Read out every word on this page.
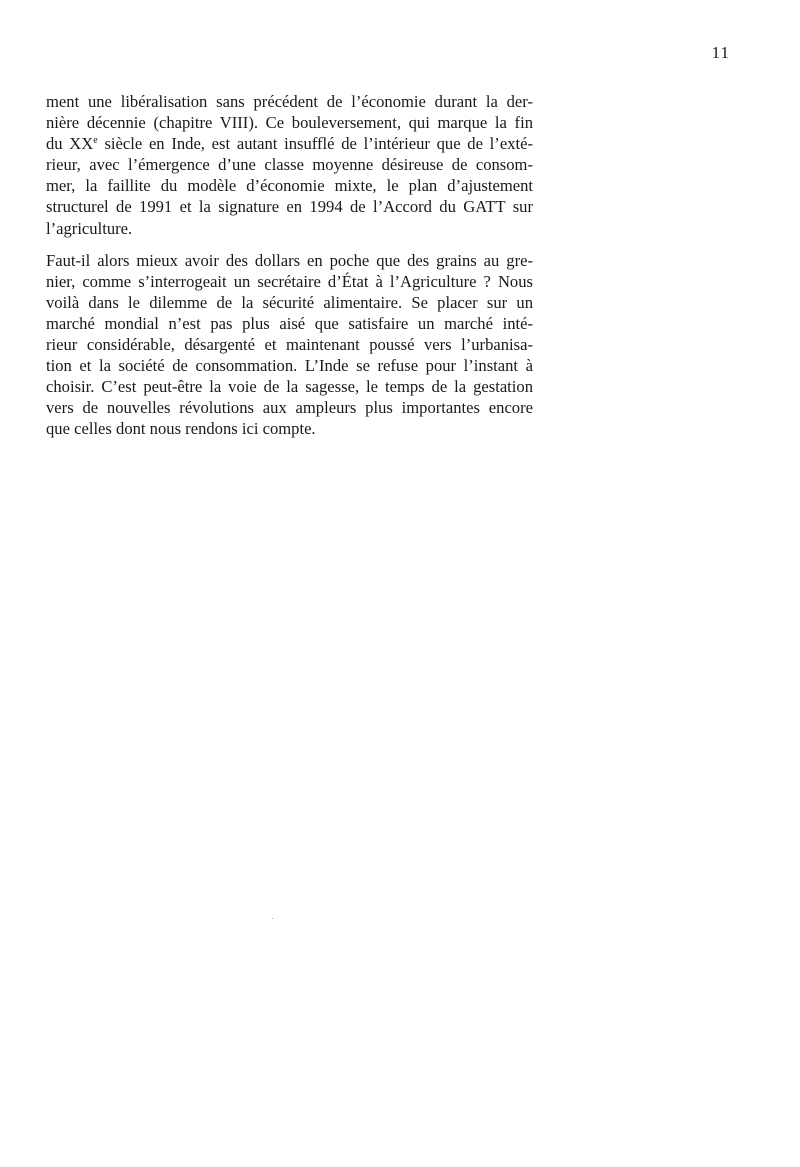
11
ment une libéralisation sans précédent de l’économie durant la der-
nière décennie (chapitre VIII). Ce bouleversement, qui marque la fin
du XXe siècle en Inde, est autant insufflé de l’intérieur que de l’exté-
rieur, avec l’émergence d’une classe moyenne désireuse de consom-
mer, la faillite du modèle d’économie mixte, le plan d’ajustement
structurel de 1991 et la signature en 1994 de l’Accord du GATT sur
l’agriculture.
Faut-il alors mieux avoir des dollars en poche que des grains au gre-
nier, comme s’interrogeait un secrétaire d’État à l’Agriculture ? Nous
voilà dans le dilemme de la sécurité alimentaire. Se placer sur un
marché mondial n’est pas plus aisé que satisfaire un marché inté-
rieur considérable, désargenté et maintenant poussé vers l’urbanisa-
tion et la société de consommation. L’Inde se refuse pour l’instant à
choisir. C’est peut-être la voie de la sagesse, le temps de la gestation
vers de nouvelles révolutions aux ampleurs plus importantes encore
que celles dont nous rendons ici compte.
